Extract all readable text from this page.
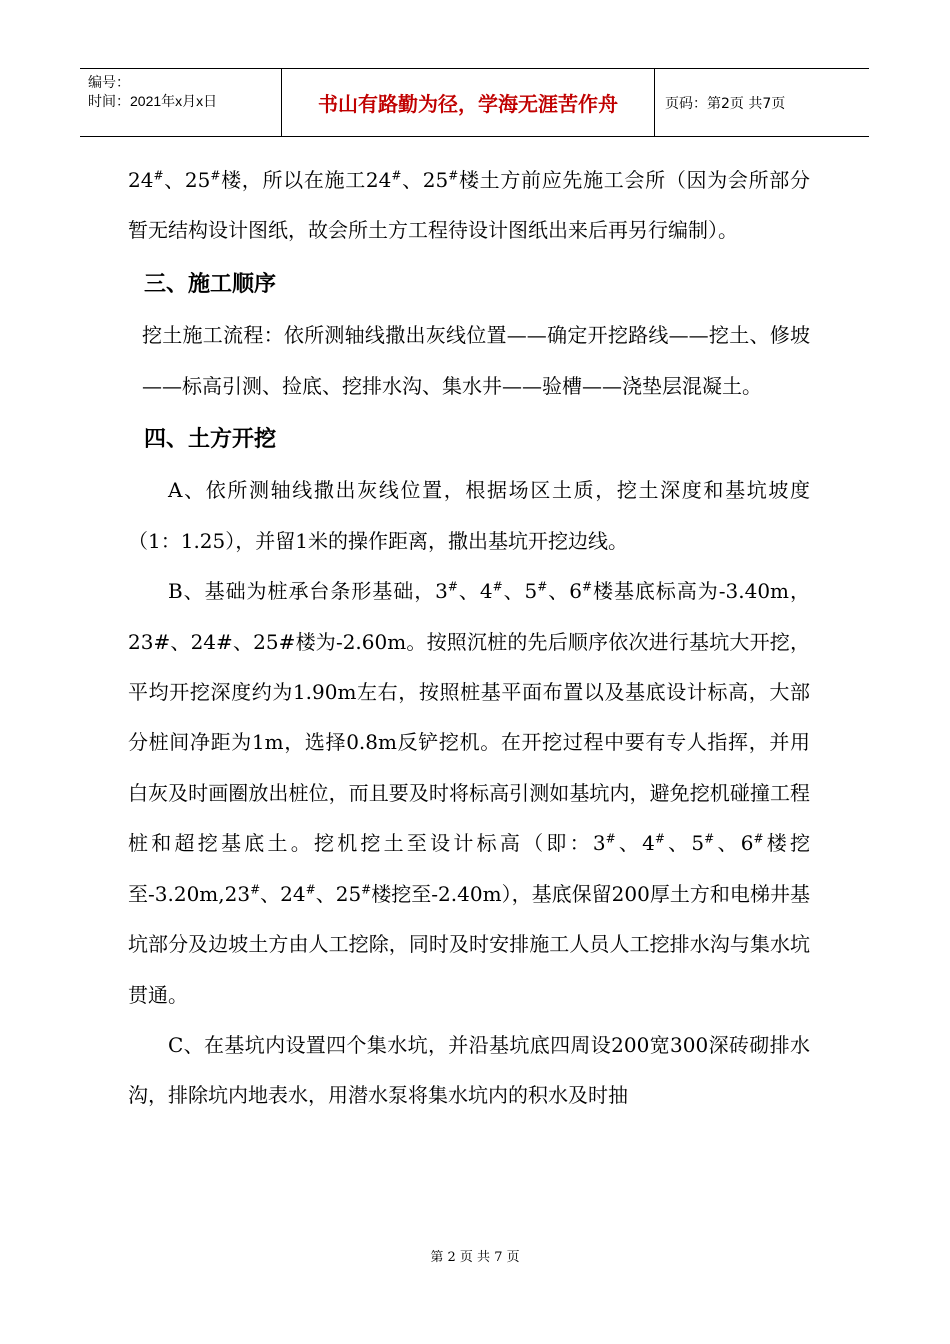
编号：
时间：2021年x月x日	书山有路勤为径，学海无涯苦作舟	页码：第2页 共7页

24#、25#楼，所以在施工24#、25#楼土方前应先施工会所（因为会所部分暂无结构设计图纸，故会所土方工程待设计图纸出来后再另行编制）。

三、施工顺序

挖土施工流程：依所测轴线撒出灰线位置——确定开挖路线——挖土、修坡——标高引测、捡底、挖排水沟、集水井——验槽——浇垫层混凝土。

四、土方开挖

A、依所测轴线撒出灰线位置，根据场区土质，挖土深度和基坑坡度（1：1.25），并留1米的操作距离，撒出基坑开挖边线。

B、基础为桩承台条形基础，3#、4#、5#、6#楼基底标高为-3.40m，23#、24#、25#楼为-2.60m。按照沉桩的先后顺序依次进行基坑大开挖，平均开挖深度约为1.90m左右，按照桩基平面布置以及基底设计标高，大部分桩间净距为1m，选择0.8m反铲挖机。在开挖过程中要有专人指挥，并用白灰及时画圈放出桩位，而且要及时将标高引测如基坑内，避免挖机碰撞工程桩和超挖基底土。挖机挖土至设计标高（即：3#、4#、5#、6#楼挖至-3.20m,23#、24#、25#楼挖至-2.40m），基底保留200厚土方和电梯井基坑部分及边坡土方由人工挖除，同时及时安排施工人员人工挖排水沟与集水坑贯通。

C、在基坑内设置四个集水坑，并沿基坑底四周设200宽300深砖砌排水沟，排除坑内地表水，用潜水泵将集水坑内的积水及时抽

第 2 页 共 7 页
